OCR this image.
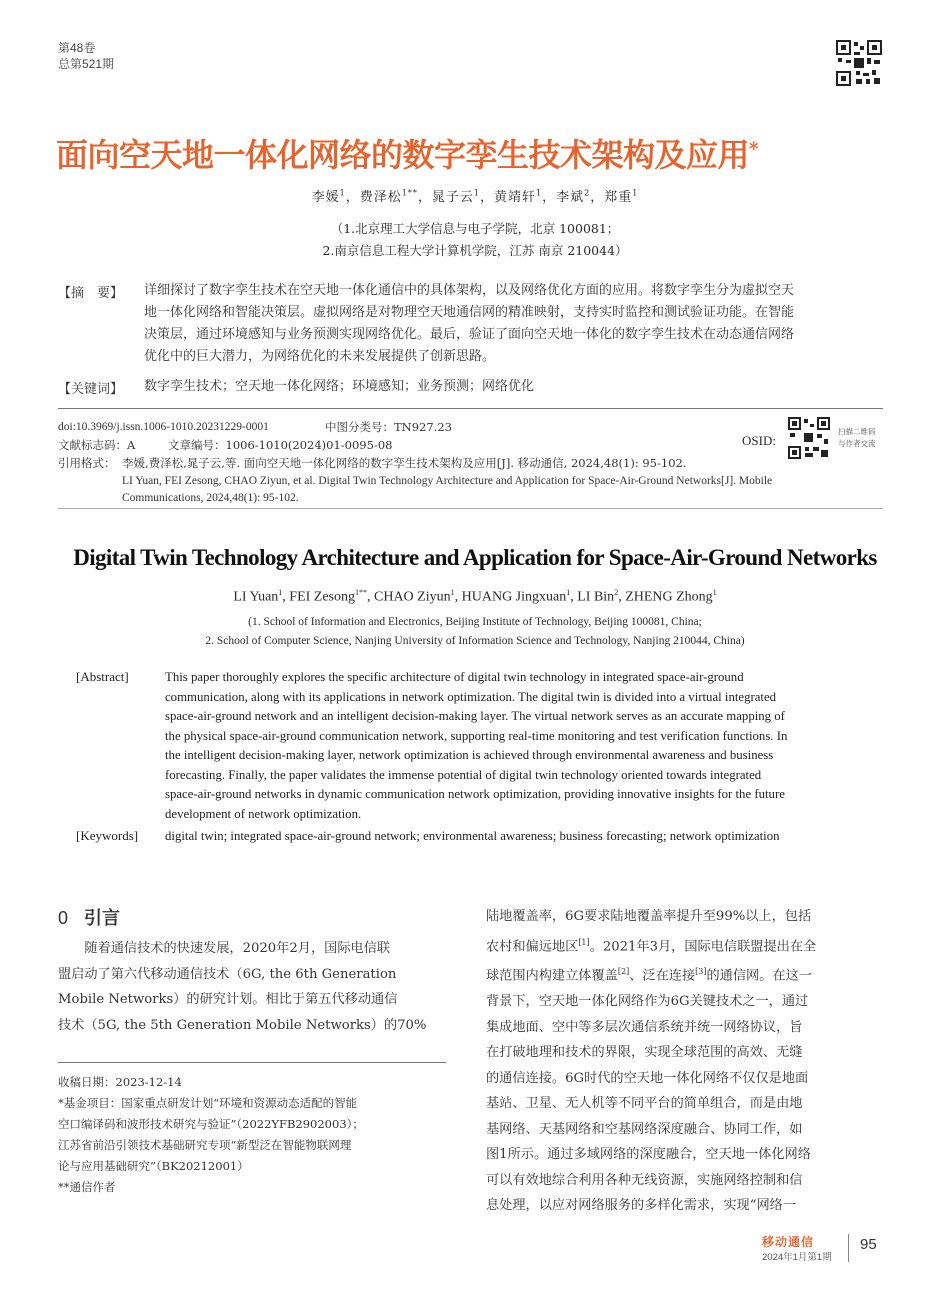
第48卷
总第521期
面向空天地一体化网络的数字孪生技术架构及应用*
李媛$^1$，费泽松$^{1**}$，晁子云$^1$，黄靖轩$^1$，李斌$^2$，郑重$^1$
（1.北京理工大学信息与电子学院，北京 100081；
2.南京信息工程大学计算机学院，江苏 南京 210044）
【摘　要】 详细探讨了数字孪生技术在空天地一体化通信中的具体架构，以及网络优化方面的应用。将数字孪生分为虚拟空天
地一体化网络和智能决策层。虚拟网络是对物理空天地通信网的精准映射，支持实时监控和测试验证功能。在智能
决策层，通过环境感知与业务预测实现网络优化。最后，验证了面向空天地一体化的数字孪生技术在动态通信网络
优化中的巨大潜力，为网络优化的未来发展提供了创新思路。
【关键词】 数字孪生技术；空天地一体化网络；环境感知；业务预测；网络优化
doi:10.3969/j.issn.1006-1010.20231229-0001	中图分类号：TN927.23
文献标志码：A	文章编号：1006-1010(2024)01-0095-08
引用格式： 李媛,费泽松,晁子云,等. 面向空天地一体化网络的数字孪生技术架构及应用[J]. 移动通信, 2024,48(1): 95-102.
LI Yuan, FEI Zesong, CHAO Ziyun, et al. Digital Twin Technology Architecture and Application for Space-Air-Ground Networks[J]. Mobile
Communications, 2024,48(1): 95-102.
OSID:
扫描二维码
与作者交流
Digital Twin Technology Architecture and Application for Space-Air-Ground Networks
LI Yuan$^1$, FEI Zesong$^{1**}$, CHAO Ziyun$^1$, HUANG Jingxuan$^1$, LI Bin$^2$, ZHENG Zhong$^1$
(1. School of Information and Electronics, Beijing Institute of Technology, Beijing 100081, China;
2. School of Computer Science, Nanjing University of Information Science and Technology, Nanjing 210044, China)
[Abstract]	This paper thoroughly explores the specific architecture of digital twin technology in integrated space-air-ground
communication, along with its applications in network optimization. The digital twin is divided into a virtual integrated
space-air-ground network and an intelligent decision-making layer. The virtual network serves as an accurate mapping of
the physical space-air-ground communication network, supporting real-time monitoring and test verification functions. In
the intelligent decision-making layer, network optimization is achieved through environmental awareness and business
forecasting. Finally, the paper validates the immense potential of digital twin technology oriented towards integrated
space-air-ground networks in dynamic communication network optimization, providing innovative insights for the future
development of network optimization.
[Keywords] digital twin; integrated space-air-ground network; environmental awareness; business forecasting; network optimization
0 引言
　　随着通信技术的快速发展，2020年2月，国际电信联
盟启动了第六代移动通信技术（6G, the 6th Generation
Mobile Networks）的研究计划。相比于第五代移动通信
技术（5G, the 5th Generation Mobile Networks）的70%
陆地覆盖率，6G要求陆地覆盖率提升至99%以上，包括
农村和偏远地区[1]。2021年3月，国际电信联盟提出在全
球范围内构建立体覆盖[2]、泛在连接[3]的通信网。在这一
背景下，空天地一体化网络作为6G关键技术之一，通过
集成地面、空中等多层次通信系统并统一网络协议，旨
在打破地理和技术的界限，实现全球范围的高效、无缝
的通信连接。6G时代的空天地一体化网络不仅仅是地面
基站、卫星、无人机等不同平台的简单组合，而是由地
基网络、天基网络和空基网络深度融合、协同工作，如
图1所示。通过多域网络的深度融合，空天地一体化网络
可以有效地综合利用各种无线资源，实施网络控制和信
息处理，以应对网络服务的多样化需求，实现“网络一
收稿日期：2023-12-14
*基金项目：国家重点研发计划“环境和资源动态适配的智能
空口编译码和波形技术研究与验证”（2022YFB2902003）；
江苏省前沿引领技术基础研究专项“新型泛在智能物联网理
论与应用基础研究”（BK20212001）
**通信作者
移动通信
2024年1月第1期
95
